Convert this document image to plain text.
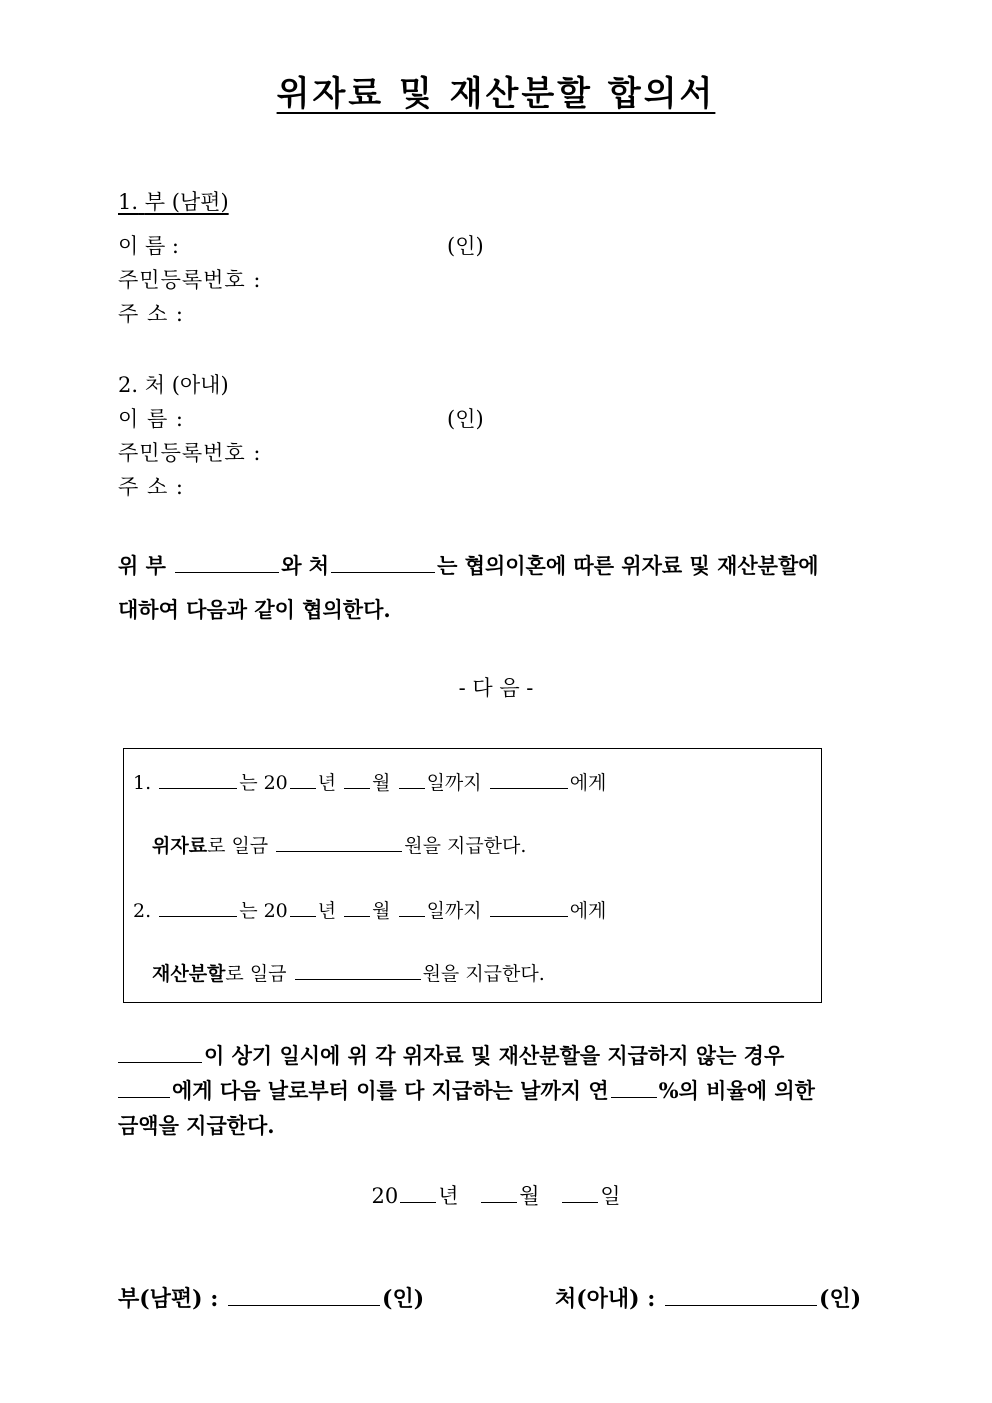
위자료 및 재산분할 합의서
1. 부 (남편)
이 름 :	(인)
주민등록번호 :
주 소 :
2. 처 (아내)
이 름 :	(인)
주민등록번호 :
주 소 :
위 부	와 처	는 협의이혼에 따른 위자료 및 재산분할에
대하여 다음과 같이 협의한다.
- 다 음 -
1.	는 20 년 월 일까지	에게
위자료로 일금	원을 지급한다.
2.	는 20 년 월 일까지	에게
재산분할로 일금	원을 지급한다.
이 상기 일시에 위 각 위자료 및 재산분할을 지급하지 않는 경우
에게 다음 날로부터 이를 다 지급하는 날까지 연 %의 비율에 의한
금액을 지급한다.
20 년	월	일
부(남편) :	(인)	처(아내) :	(인)
